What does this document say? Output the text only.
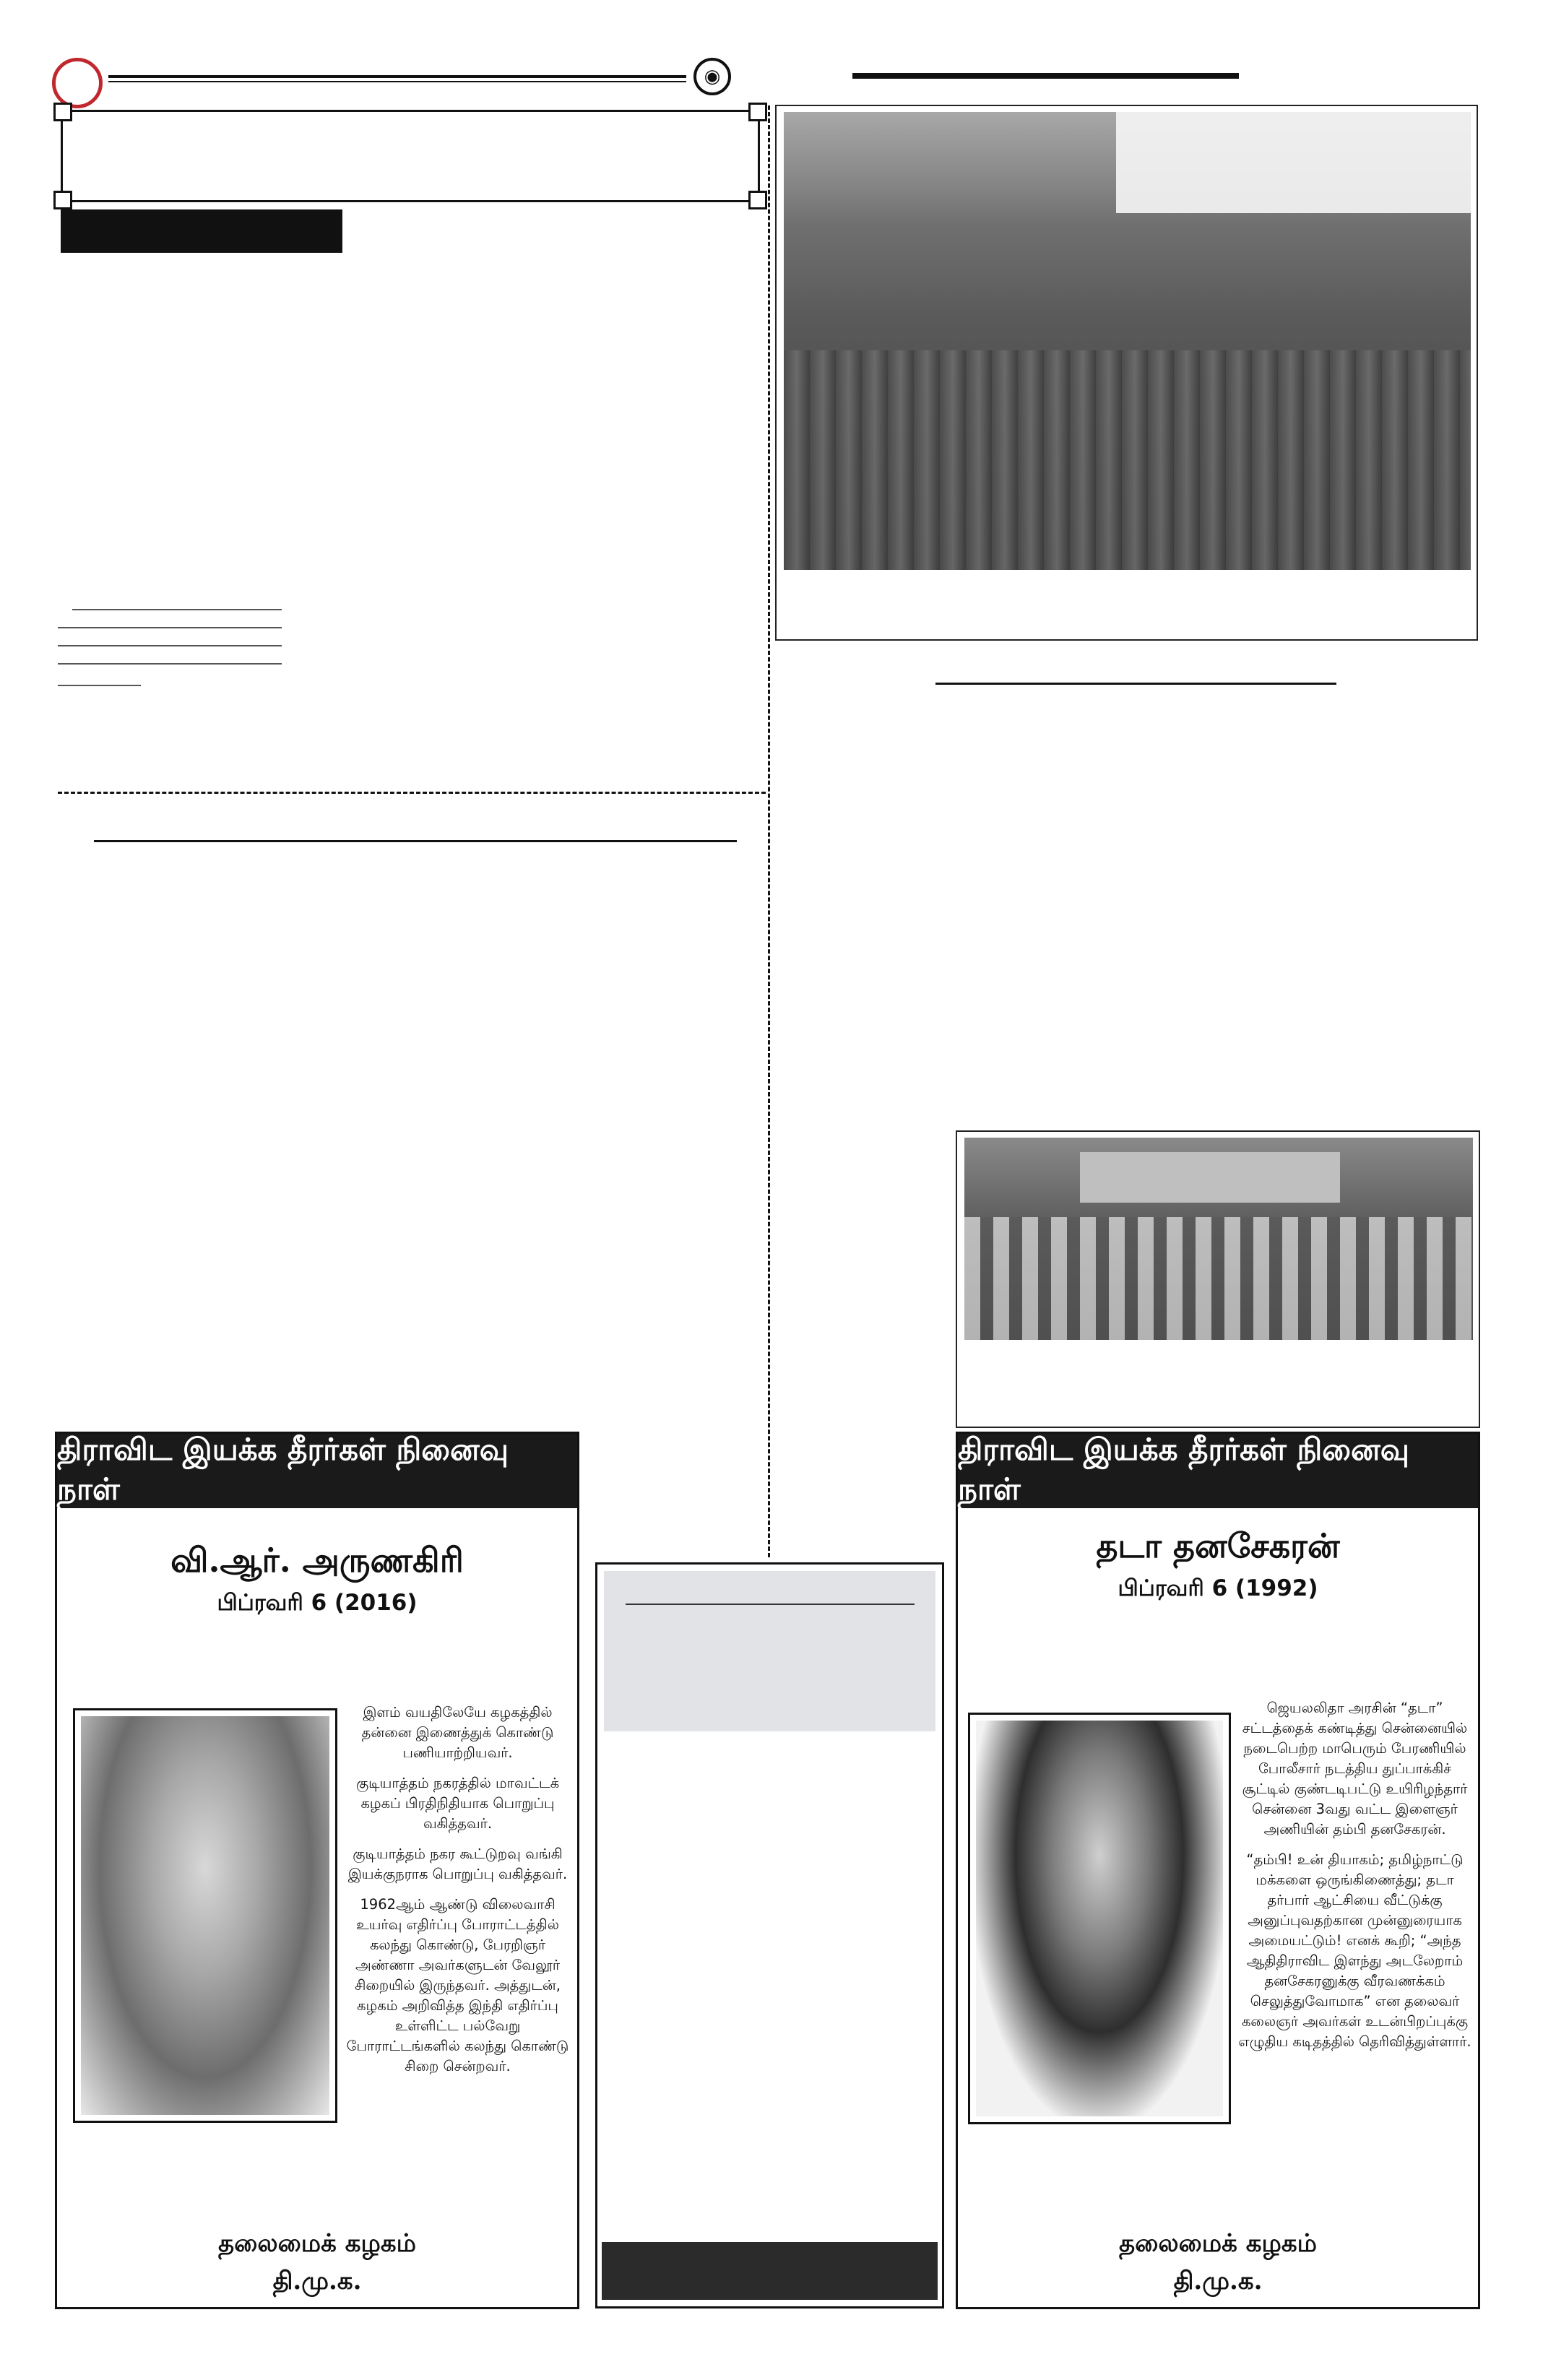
◉
திராவிட இயக்க தீரர்கள் நினைவு நாள்
வி.ஆர். அருணகிரி
பிப்ரவரி 6 (2016)

இளம் வயதிலேயே கழகத்தில் தன்னை இணைத்துக் கொண்டு பணியாற்றியவர்.

குடியாத்தம் நகரத்தில் மாவட்டக் கழகப் பிரதிநிதியாக பொறுப்பு வகித்தவர்.

குடியாத்தம் நகர கூட்டுறவு வங்கி இயக்குநராக பொறுப்பு வகித்தவர்.

1962ஆம் ஆண்டு விலைவாசி உயர்வு எதிர்ப்பு போராட்டத்தில் கலந்து கொண்டு, பேரறிஞர் அண்ணா அவர்களுடன் வேலூர் சிறையில் இருந்தவர். அத்துடன், கழகம் அறிவித்த இந்தி எதிர்ப்பு உள்ளிட்ட பல்வேறு போராட்டங்களில் கலந்து கொண்டு சிறை சென்றவர்.

தலைமைக் கழகம்
தி.மு.க.
திராவிட இயக்க தீரர்கள் நினைவு நாள்
தடா தனசேகரன்
பிப்ரவரி 6 (1992)

ஜெயலலிதா அரசின் “தடா” சட்டத்தைக் கண்டித்து சென்னையில் நடைபெற்ற மாபெரும் பேரணியில் போலீசார் நடத்திய துப்பாக்கிச் சூட்டில் குண்டடிபட்டு உயிரிழந்தார் சென்னை 3வது வட்ட இளைஞர் அணியின் தம்பி தனசேகரன்.

“தம்பி! உன் தியாகம்; தமிழ்நாட்டு மக்களை ஒருங்கிணைத்து; தடா தர்பார் ஆட்சியை வீட்டுக்கு அனுப்புவதற்கான முன்னுரையாக அமையட்டும்! எனக் கூறி; “அந்த ஆதிதிராவிட இளந்து அடலேறாம் தனசேகரனுக்கு வீரவணக்கம் செலுத்துவோமாக” என தலைவர் கலைஞர் அவர்கள் உடன்பிறப்புக்கு எழுதிய கடிதத்தில் தெரிவித்துள்ளார்.

தலைமைக் கழகம்
தி.மு.க.
